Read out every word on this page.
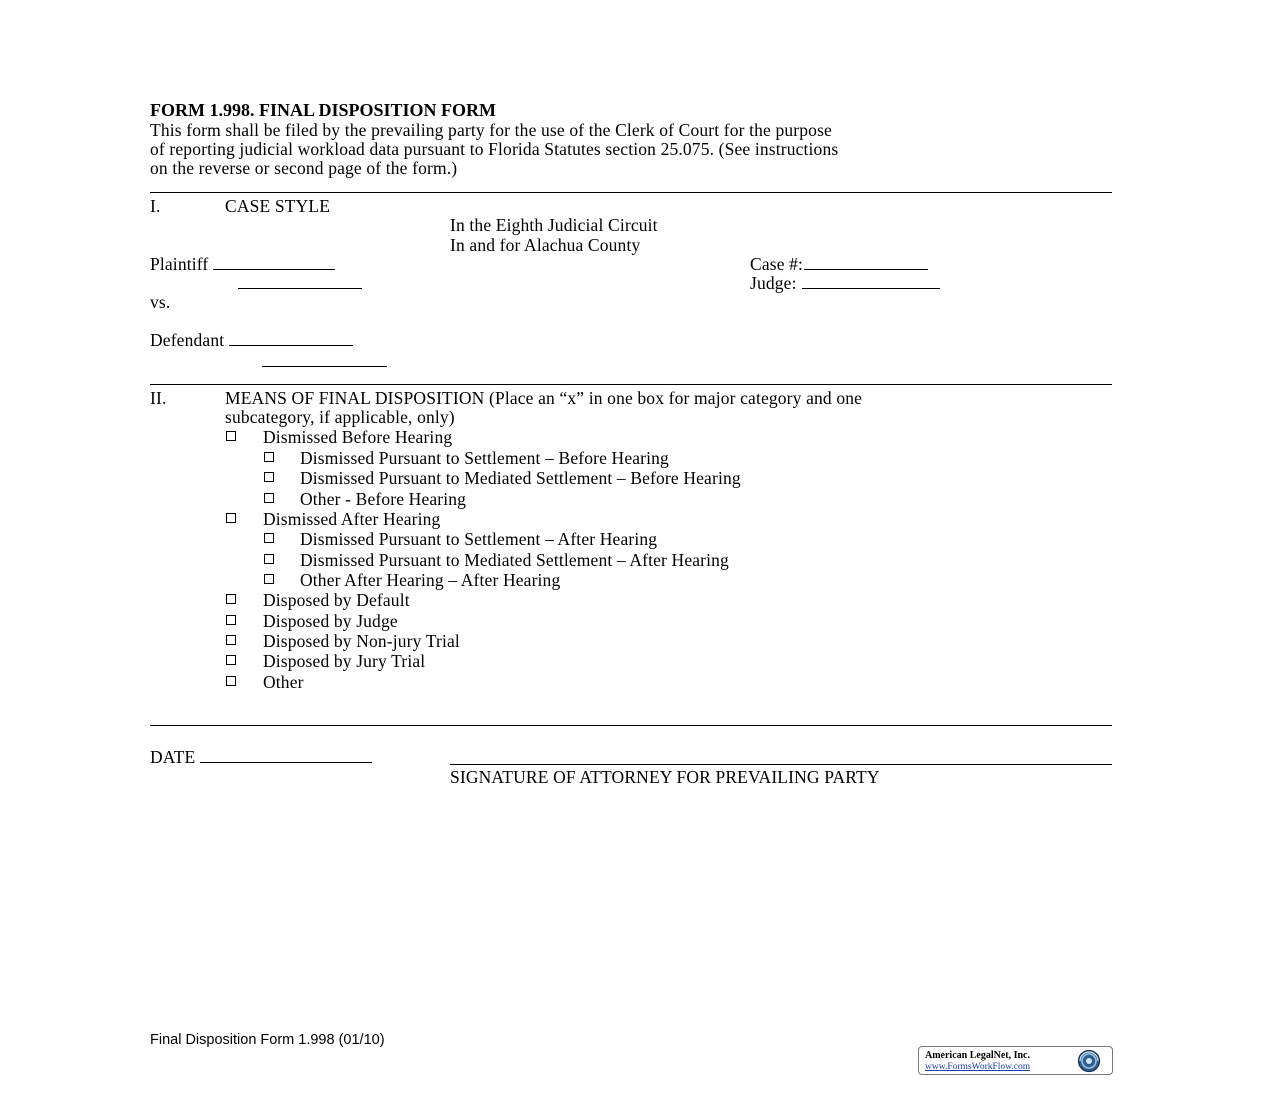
FORM 1.998. FINAL DISPOSITION FORM
This form shall be filed by the prevailing party for the use of the Clerk of Court for the purpose
of reporting judicial workload data pursuant to Florida Statutes section 25.075. (See instructions
on the reverse or second page of the form.)
I.	CASE STYLE
In the Eighth Judicial Circuit
In and for Alachua County
Plaintiff	Case #:
Judge:
vs.
Defendant
II.	MEANS OF FINAL DISPOSITION (Place an “x” in one box for major category and one
subcategory, if applicable, only)
Dismissed Before Hearing
Dismissed Pursuant to Settlement – Before Hearing
Dismissed Pursuant to Mediated Settlement – Before Hearing
Other - Before Hearing
Dismissed After Hearing
Dismissed Pursuant to Settlement – After Hearing
Dismissed Pursuant to Mediated Settlement – After Hearing
Other After Hearing – After Hearing
Disposed by Default
Disposed by Judge
Disposed by Non-jury Trial
Disposed by Jury Trial
Other
DATE
SIGNATURE OF ATTORNEY FOR PREVAILING PARTY
Final Disposition Form 1.998 (01/10)
American LegalNet, Inc.
www.FormsWorkFlow.com
